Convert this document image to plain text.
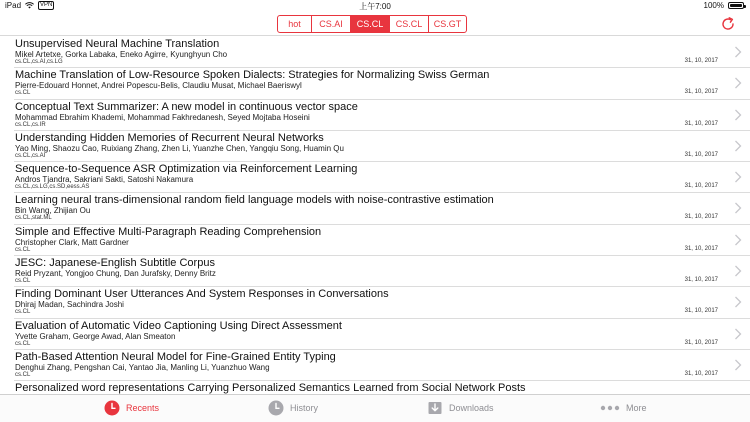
iPad	VPN	上午7:00	100%
hot	CS.AI	CS.CL	CS.CL	CS.GT
Unsupervised Neural Machine Translation
Mikel Artetxe, Gorka Labaka, Eneko Agirre, Kyunghyun Cho
cs.CL,cs.AI,cs.LG	31, 10, 2017
Machine Translation of Low-Resource Spoken Dialects: Strategies for Normalizing Swiss German
Pierre-Edouard Honnet, Andrei Popescu-Belis, Claudiu Musat, Michael Baeriswyl
cs.CL	31, 10, 2017
Conceptual Text Summarizer: A new model in continuous vector space
Mohammad Ebrahim Khademi, Mohammad Fakhredanesh, Seyed Mojtaba Hoseini
cs.CL,cs.IR	31, 10, 2017
Understanding Hidden Memories of Recurrent Neural Networks
Yao Ming, Shaozu Cao, Ruixiang Zhang, Zhen Li, Yuanzhe Chen, Yangqiu Song, Huamin Qu
cs.CL,cs.AI	31, 10, 2017
Sequence-to-Sequence ASR Optimization via Reinforcement Learning
Andros Tjandra, Sakriani Sakti, Satoshi Nakamura
cs.CL,cs.LG,cs.SD,eess.AS	31, 10, 2017
Learning neural trans-dimensional random field language models with noise-contrastive estimation
Bin Wang, Zhijian Ou
cs.CL,stat.ML	31, 10, 2017
Simple and Effective Multi-Paragraph Reading Comprehension
Christopher Clark, Matt Gardner
cs.CL	31, 10, 2017
JESC: Japanese-English Subtitle Corpus
Reid Pryzant, Yongjoo Chung, Dan Jurafsky, Denny Britz
cs.CL	31, 10, 2017
Finding Dominant User Utterances And System Responses in Conversations
Dhiraj Madan, Sachindra Joshi
cs.CL	31, 10, 2017
Evaluation of Automatic Video Captioning Using Direct Assessment
Yvette Graham, George Awad, Alan Smeaton
cs.CL	31, 10, 2017
Path-Based Attention Neural Model for Fine-Grained Entity Typing
Denghui Zhang, Pengshan Cai, Yantao Jia, Manling Li, Yuanzhuo Wang
cs.CL	31, 10, 2017
Personalized word representations Carrying Personalized Semantics Learned from Social Network Posts
Recents	History	Downloads	More
